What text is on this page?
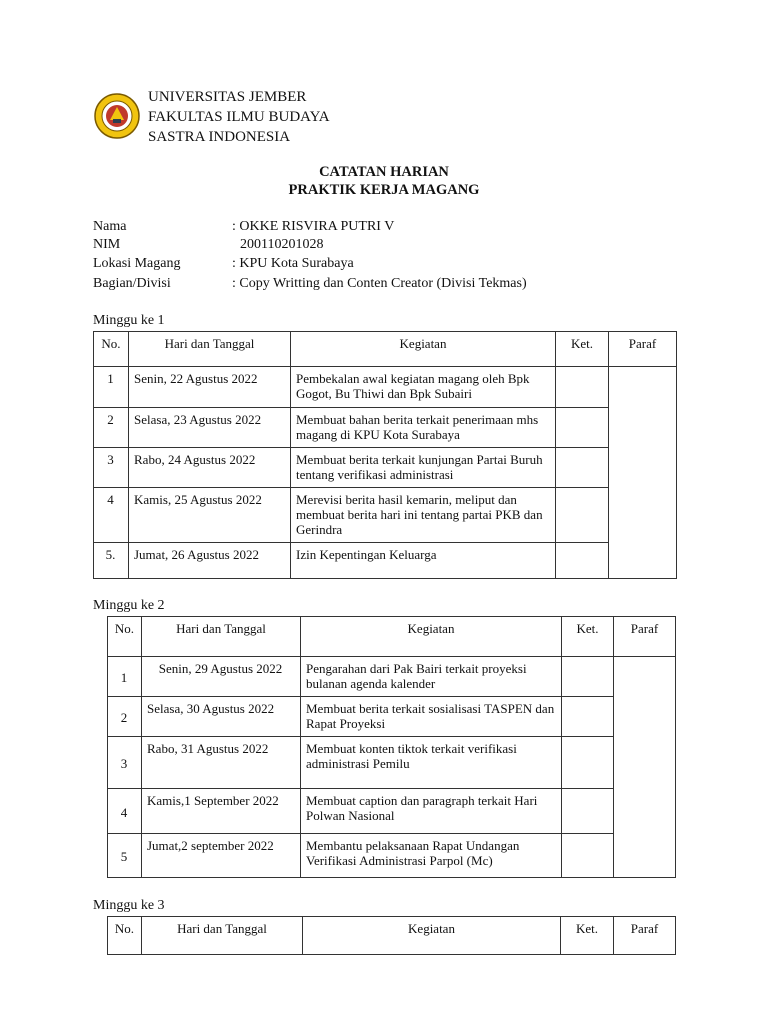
UNIVERSITAS JEMBER
FAKULTAS ILMU BUDAYA
SASTRA INDONESIA
CATATAN HARIAN
PRAKTIK KERJA MAGANG
Nama	: OKKE RISVIRA PUTRI V
NIM	200110201028
Lokasi Magang	: KPU Kota Surabaya
Bagian/Divisi	: Copy Writting dan Conten Creator (Divisi Tekmas)
Minggu ke 1
No.	Hari dan Tanggal	Kegiatan	Ket.	Paraf
1	Senin, 22 Agustus 2022	Pembekalan awal kegiatan magang oleh Bpk Gogot, Bu Thiwi dan Bpk Subairi		
2	Selasa, 23 Agustus 2022	Membuat bahan berita terkait penerimaan mhs magang di KPU Kota Surabaya		
3	Rabo, 24 Agustus 2022	Membuat berita terkait kunjungan Partai Buruh tentang verifikasi administrasi		
4	Kamis, 25 Agustus 2022	Merevisi berita hasil kemarin, meliput dan membuat berita hari ini tentang partai PKB dan Gerindra		
5.	Jumat, 26 Agustus 2022	Izin Kepentingan Keluarga		
Minggu ke 2
No.	Hari dan Tanggal	Kegiatan	Ket.	Paraf
1	Senin, 29 Agustus 2022	Pengarahan dari Pak Bairi terkait proyeksi bulanan agenda kalender		
2	Selasa, 30 Agustus 2022	Membuat berita terkait sosialisasi TASPEN dan Rapat Proyeksi		
3	Rabo, 31 Agustus 2022	Membuat konten tiktok terkait verifikasi administrasi Pemilu		
4	Kamis,1 September 2022	Membuat caption dan paragraph terkait Hari Polwan Nasional		
5	Jumat,2 september 2022	Membantu pelaksanaan Rapat Undangan Verifikasi Administrasi Parpol (Mc)		
Minggu ke 3
No.	Hari dan Tanggal	Kegiatan	Ket.	Paraf
